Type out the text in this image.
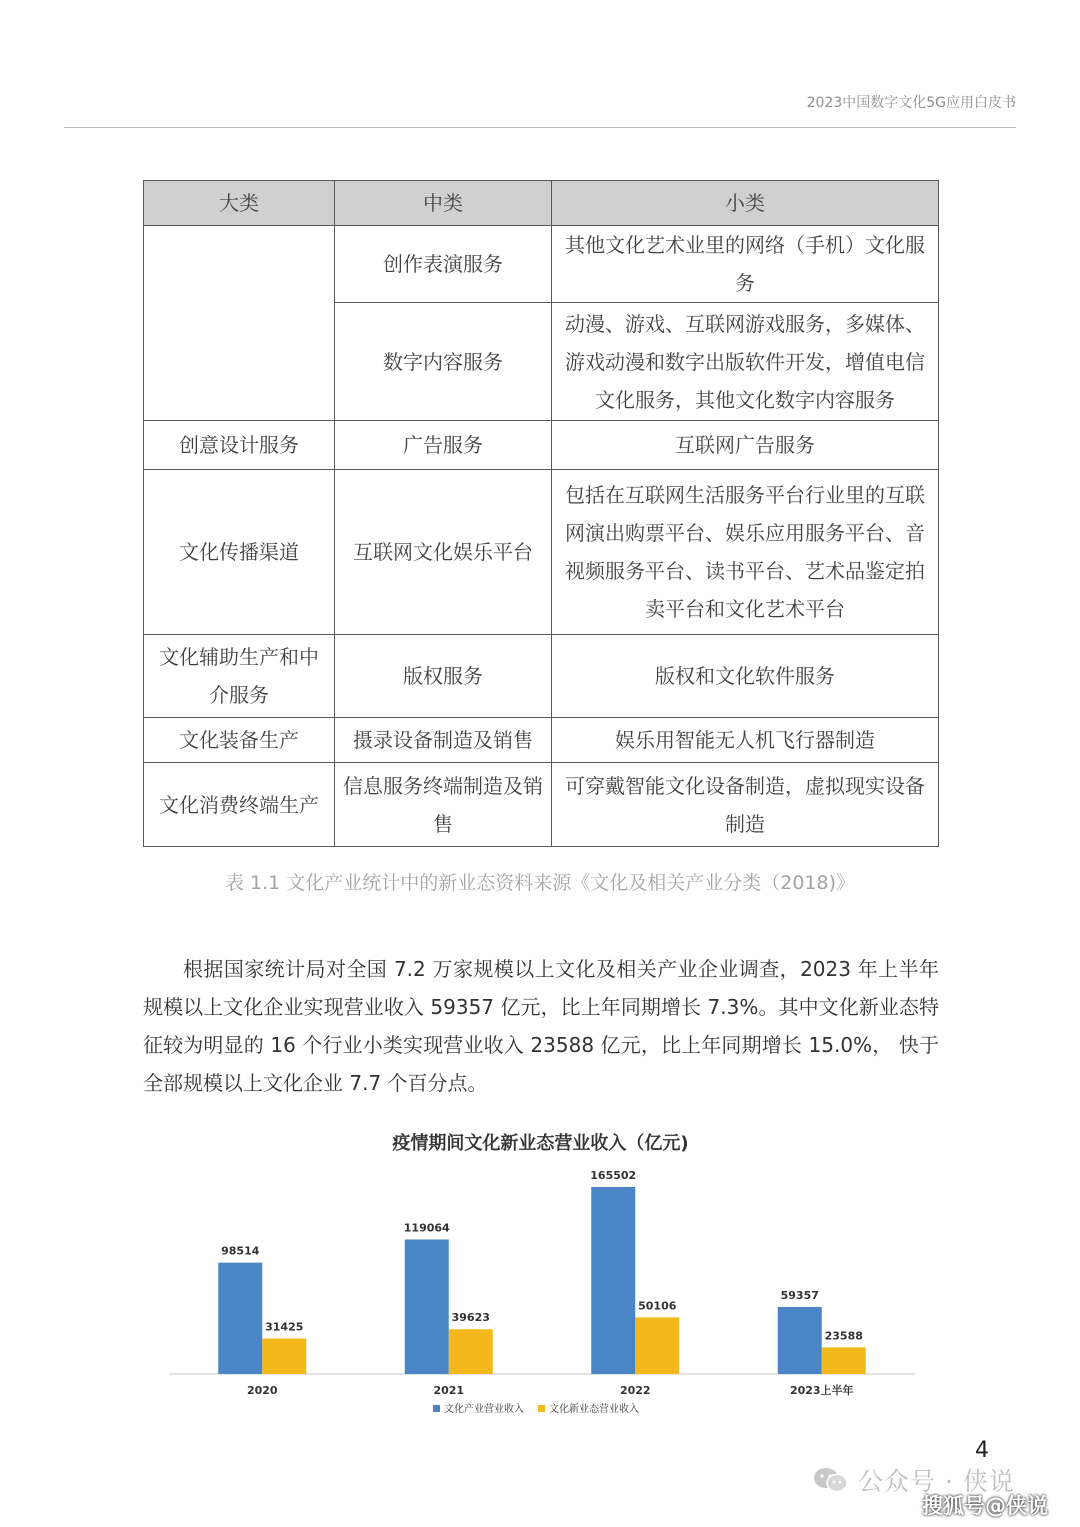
2023中国数字文化5G应用白皮书
大类	中类	小类
	创作表演服务	其他文化艺术业里的网络（手机）文化服务
	数字内容服务	动漫、游戏、互联网游戏服务，多媒体、游戏动漫和数字出版软件开发，增值电信文化服务，其他文化数字内容服务
创意设计服务	广告服务	互联网广告服务
文化传播渠道	互联网文化娱乐平台	包括在互联网生活服务平台行业里的互联网演出购票平台、娱乐应用服务平台、音视频服务平台、读书平台、艺术品鉴定拍卖平台和文化艺术平台
文化辅助生产和中介服务	版权服务	版权和文化软件服务
文化装备生产	摄录设备制造及销售	娱乐用智能无人机飞行器制造
文化消费终端生产	信息服务终端制造及销售	可穿戴智能文化设备制造，虚拟现实设备制造
表 1.1 文化产业统计中的新业态资料来源《文化及相关产业分类（2018)》
根据国家统计局对全国 7.2 万家规模以上文化及相关产业企业调查，2023 年上半年规模以上文化企业实现营业收入 59357 亿元，比上年同期增长 7.3%。其中文化新业态特征较为明显的 16 个行业小类实现营业收入 23588 亿元，比上年同期增长 15.0%， 快于全部规模以上文化企业 7.7 个百分点。
疫情期间文化新业态营业收入（亿元)
98514
31425
2020
119064
39623
2021
165502
50106
2022
59357
23588
2023上半年
文化产业营业收入	文化新业态营业收入
4
公众号 · 侠说
搜狐号@侠说
